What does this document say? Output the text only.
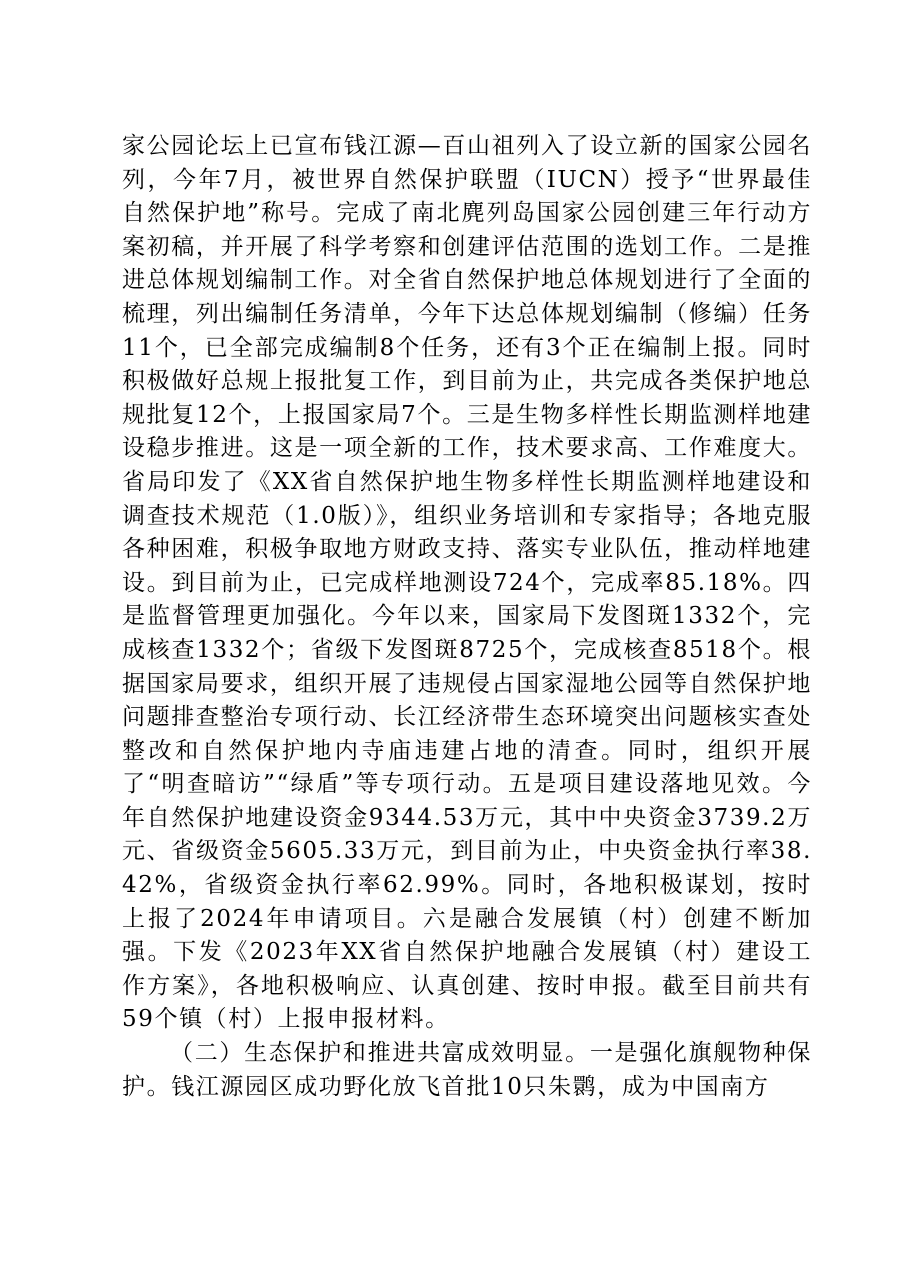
家公园论坛上已宣布钱江源—百山祖列入了设立新的国家公园名列，今年7月，被世界自然保护联盟（IUCN）授予“世界最佳自然保护地”称号。完成了南北麂列岛国家公园创建三年行动方案初稿，并开展了科学考察和创建评估范围的选划工作。二是推进总体规划编制工作。对全省自然保护地总体规划进行了全面的梳理，列出编制任务清单，今年下达总体规划编制（修编）任务11个，已全部完成编制8个任务，还有3个正在编制上报。同时积极做好总规上报批复工作，到目前为止，共完成各类保护地总规批复12个，上报国家局7个。三是生物多样性长期监测样地建设稳步推进。这是一项全新的工作，技术要求高、工作难度大。省局印发了《XX省自然保护地生物多样性长期监测样地建设和调查技术规范（1.0版）》，组织业务培训和专家指导；各地克服各种困难，积极争取地方财政支持、落实专业队伍，推动样地建设。到目前为止，已完成样地测设724个，完成率85.18%。四是监督管理更加强化。今年以来，国家局下发图斑1332个，完成核查1332个；省级下发图斑8725个，完成核查8518个。根据国家局要求，组织开展了违规侵占国家湿地公园等自然保护地问题排查整治专项行动、长江经济带生态环境突出问题核实查处整改和自然保护地内寺庙违建占地的清查。同时，组织开展了“明查暗访”“绿盾”等专项行动。五是项目建设落地见效。今年自然保护地建设资金9344.53万元，其中中央资金3739.2万元、省级资金5605.33万元，到目前为止，中央资金执行率38.42%，省级资金执行率62.99%。同时，各地积极谋划，按时上报了2024年申请项目。六是融合发展镇（村）创建不断加强。下发《2023年XX省自然保护地融合发展镇（村）建设工作方案》，各地积极响应、认真创建、按时申报。截至目前共有59个镇（村）上报申报材料。

（二）生态保护和推进共富成效明显。一是强化旗舰物种保护。钱江源园区成功野化放飞首批10只朱鹮，成为中国南方
